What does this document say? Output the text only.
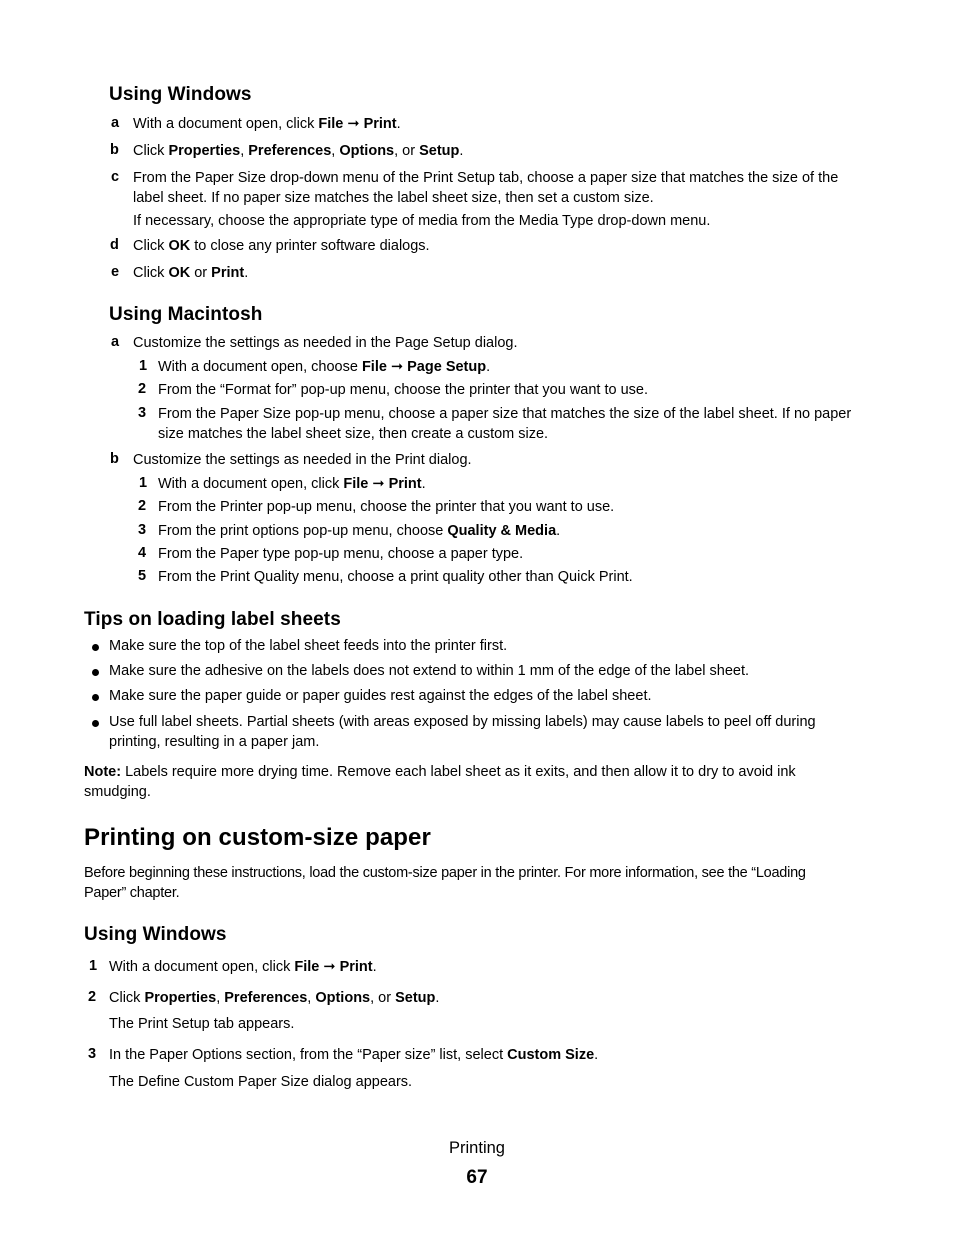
Using Windows
a With a document open, click File ➞ Print.
b Click Properties, Preferences, Options, or Setup.
c From the Paper Size drop-down menu of the Print Setup tab, choose a paper size that matches the size of the
label sheet. If no paper size matches the label sheet size, then set a custom size.
If necessary, choose the appropriate type of media from the Media Type drop-down menu.
d Click OK to close any printer software dialogs.
e Click OK or Print.
Using Macintosh
a Customize the settings as needed in the Page Setup dialog.
1 With a document open, choose File ➞ Page Setup.
2 From the “Format for” pop-up menu, choose the printer that you want to use.
3 From the Paper Size pop-up menu, choose a paper size that matches the size of the label sheet. If no paper
size matches the label sheet size, then create a custom size.
b Customize the settings as needed in the Print dialog.
1 With a document open, click File ➞ Print.
2 From the Printer pop-up menu, choose the printer that you want to use.
3 From the print options pop-up menu, choose Quality & Media.
4 From the Paper type pop-up menu, choose a paper type.
5 From the Print Quality menu, choose a print quality other than Quick Print.
Tips on loading label sheets
Make sure the top of the label sheet feeds into the printer first.
Make sure the adhesive on the labels does not extend to within 1 mm of the edge of the label sheet.
Make sure the paper guide or paper guides rest against the edges of the label sheet.
Use full label sheets. Partial sheets (with areas exposed by missing labels) may cause labels to peel off during
printing, resulting in a paper jam.
Note: Labels require more drying time. Remove each label sheet as it exits, and then allow it to dry to avoid ink
smudging.
Printing on custom-size paper
Before beginning these instructions, load the custom-size paper in the printer. For more information, see the “Loading
Paper” chapter.
Using Windows
1 With a document open, click File ➞ Print.
2 Click Properties, Preferences, Options, or Setup.
The Print Setup tab appears.
3 In the Paper Options section, from the “Paper size” list, select Custom Size.
The Define Custom Paper Size dialog appears.
Printing
67
